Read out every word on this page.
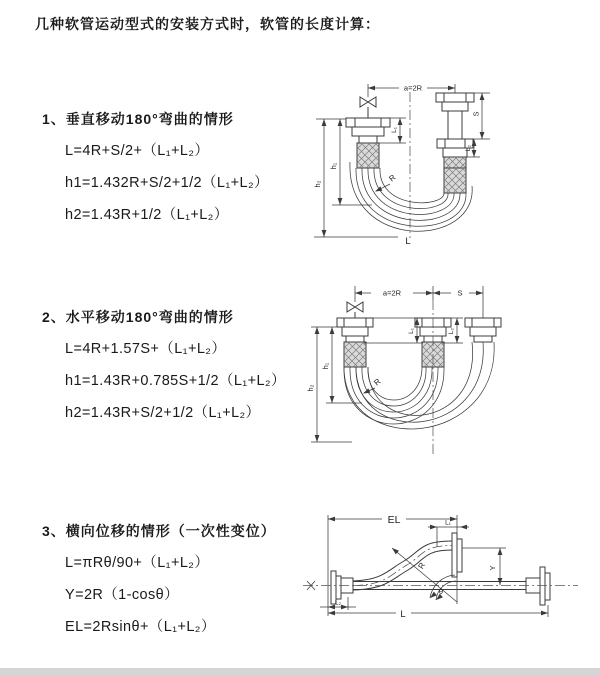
几种软管运动型式的安装方式时，软管的长度计算：
1、垂直移动180°弯曲的情形
L=4R+S/2+（L₁+L₂）
h1=1.432R+S/2+1/2（L₁+L₂）
h2=1.43R+1/2（L₁+L₂）
2、水平移动180°弯曲的情形
L=4R+1.57S+（L₁+L₂）
h1=1.43R+0.785S+1/2（L₁+L₂）
h2=1.43R+S/2+1/2（L₁+L₂）
3、横向位移的情形（一次性变位）
L=πRθ/90+（L₁+L₂）
Y=2R（1-cosθ）
EL=2Rsinθ+（L₁+L₂）
a=2R
R
h₁
h₂
L₁
S
L₂
L
a=2R	S
R
h₁
h₂
L₁	L₂
EL	L₁
Y
R
θ
L
L₂
